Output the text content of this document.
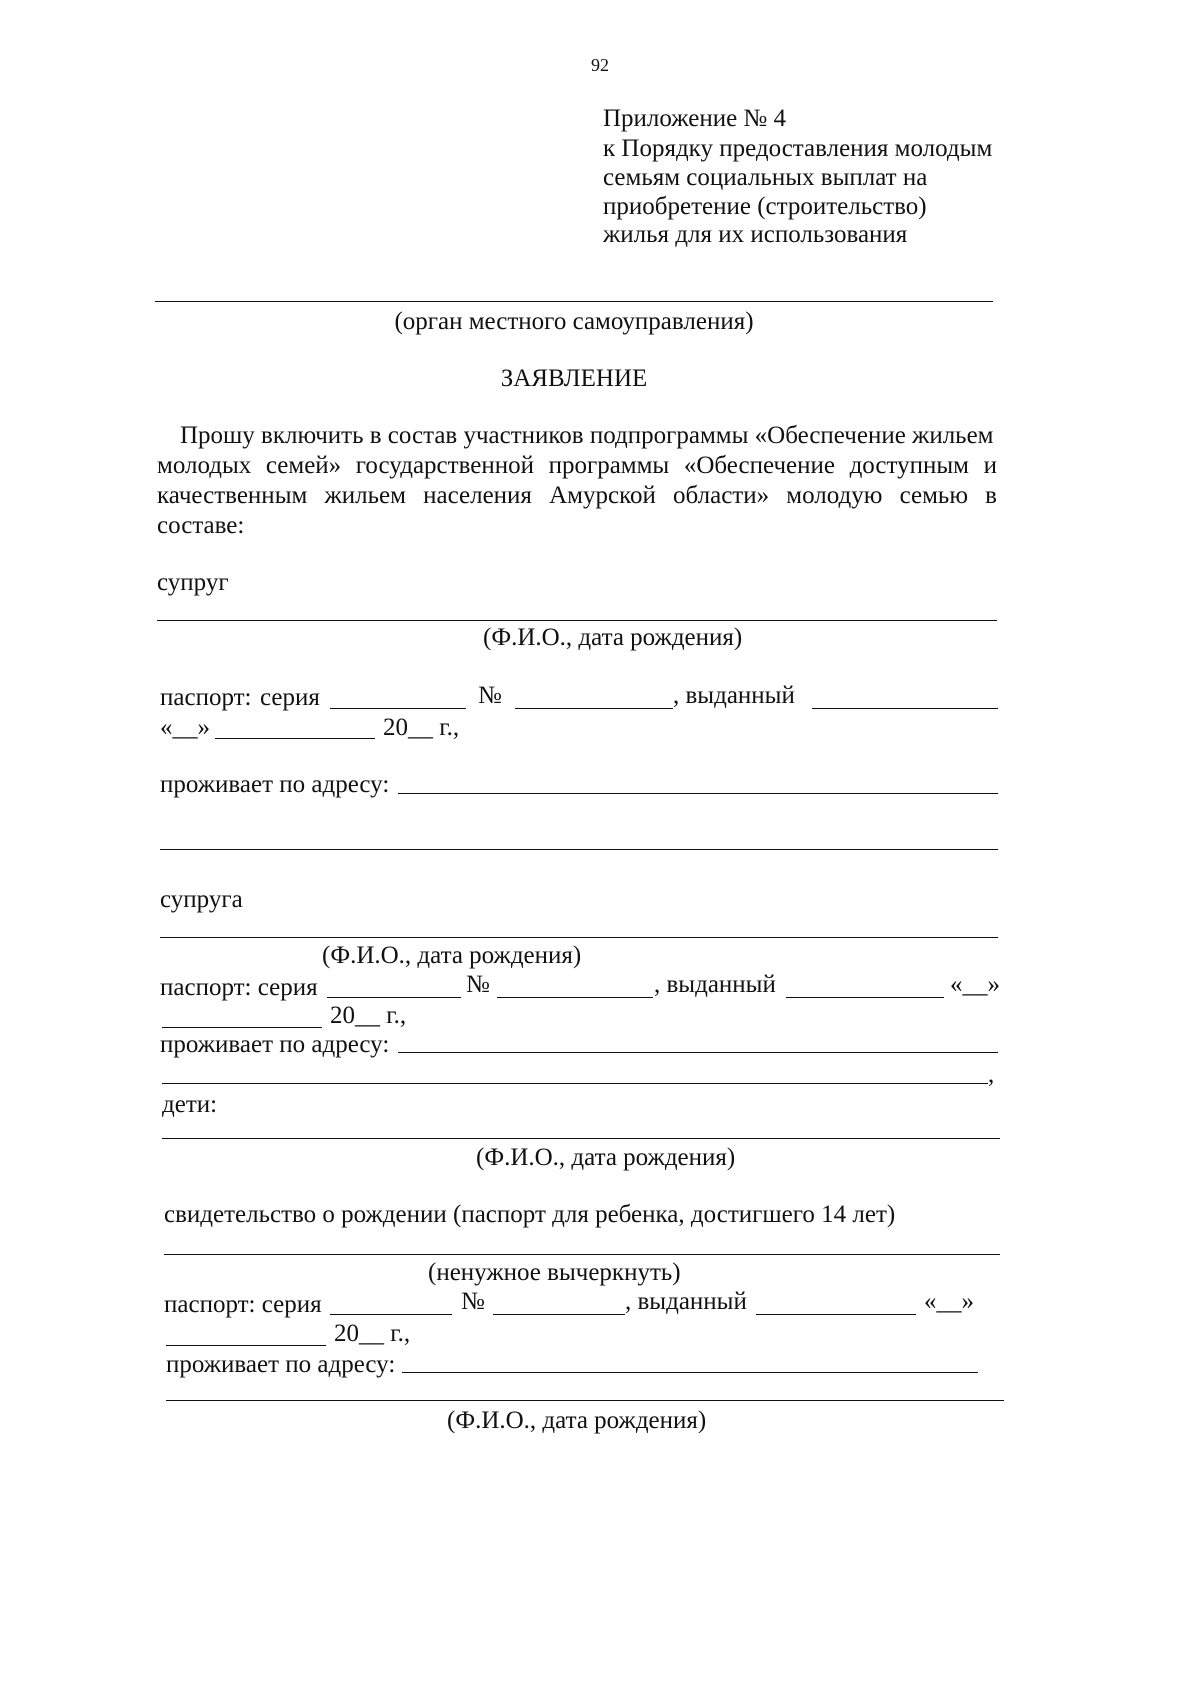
92
Приложение № 4
к Порядку предоставления молодым
семьям социальных выплат на
приобретение (строительство)
жилья для их использования
(орган местного самоуправления)
ЗАЯВЛЕНИЕ
Прошу включить в состав участников подпрограммы «Обеспечение жильем
молодых семей» государственной программы «Обеспечение доступным и
качественным жильем населения Амурской области» молодую семью в
составе:
супруг
(Ф.И.О., дата рождения)
паспорт: серия	№	, выданный
«__»	20__ г.,
проживает по адресу:
супруга
(Ф.И.О., дата рождения)
паспорт: серия	№	, выданный	«__»
20__ г.,
проживает по адресу:
,
дети:
(Ф.И.О., дата рождения)
свидетельство о рождении (паспорт для ребенка, достигшего 14 лет)
(ненужное вычеркнуть)
паспорт: серия	№	, выданный	«__»
20__ г.,
проживает по адресу:
(Ф.И.О., дата рождения)
